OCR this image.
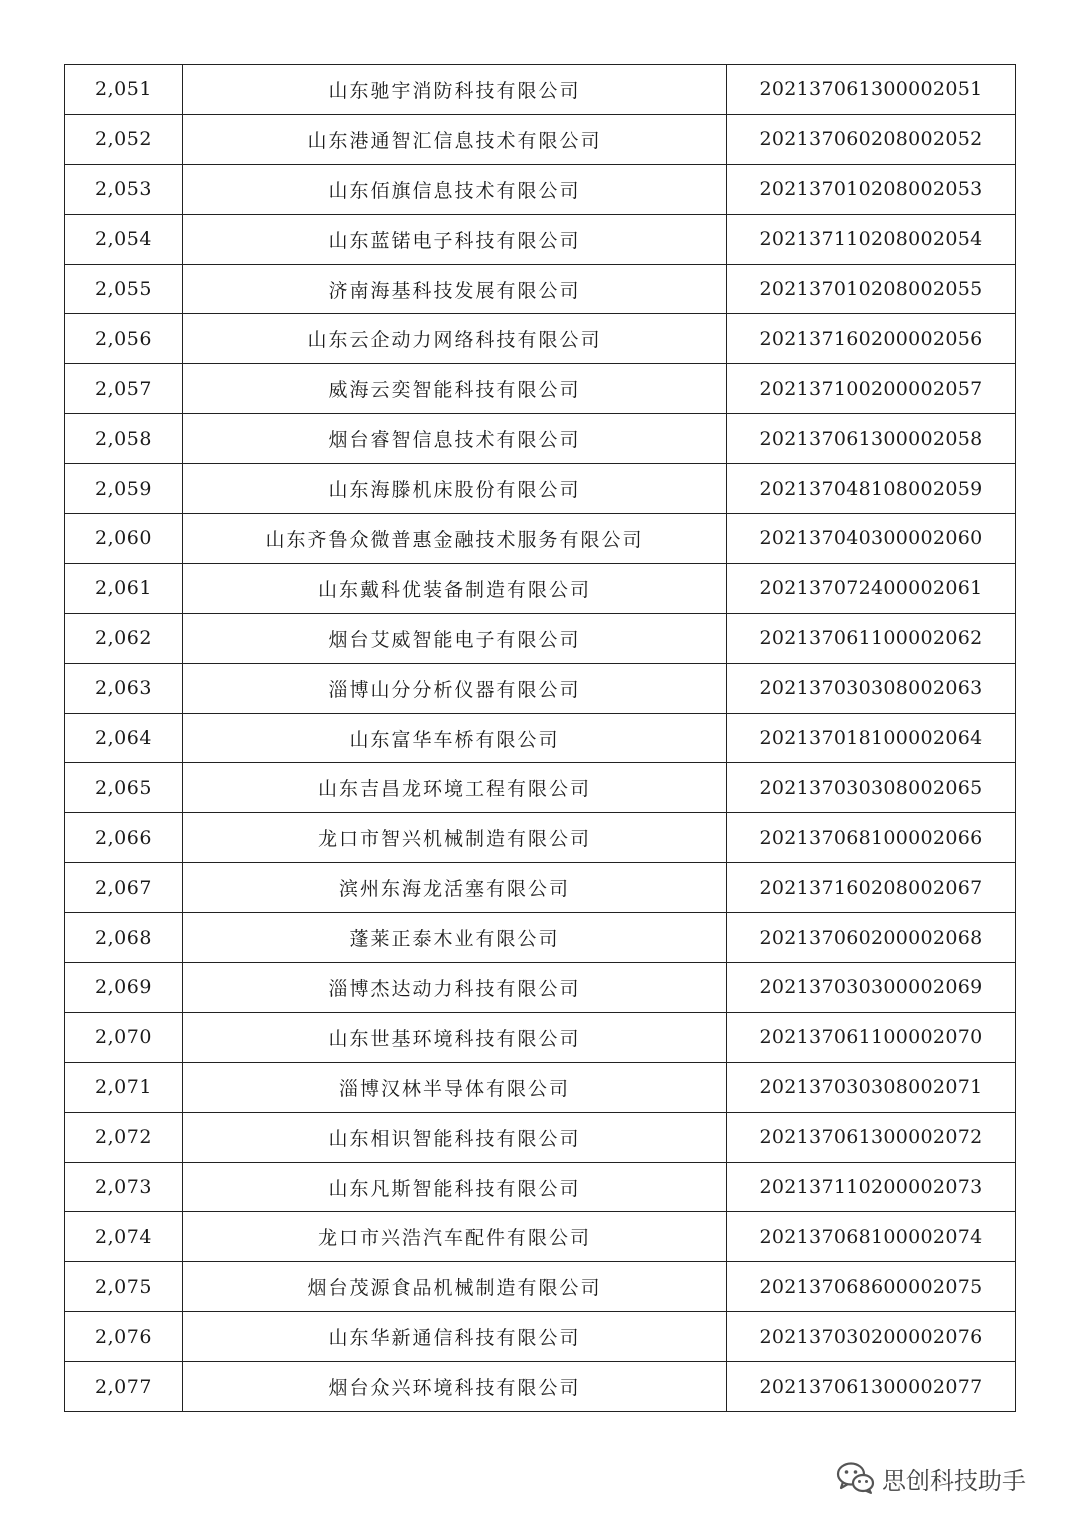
2,051	山东驰宇消防科技有限公司	202137061300002051
2,052	山东港通智汇信息技术有限公司	202137060208002052
2,053	山东佰旗信息技术有限公司	202137010208002053
2,054	山东蓝锘电子科技有限公司	202137110208002054
2,055	济南海基科技发展有限公司	202137010208002055
2,056	山东云企动力网络科技有限公司	202137160200002056
2,057	威海云奕智能科技有限公司	202137100200002057
2,058	烟台睿智信息技术有限公司	202137061300002058
2,059	山东海滕机床股份有限公司	202137048108002059
2,060	山东齐鲁众微普惠金融技术服务有限公司	202137040300002060
2,061	山东戴科优装备制造有限公司	202137072400002061
2,062	烟台艾威智能电子有限公司	202137061100002062
2,063	淄博山分分析仪器有限公司	202137030308002063
2,064	山东富华车桥有限公司	202137018100002064
2,065	山东吉昌龙环境工程有限公司	202137030308002065
2,066	龙口市智兴机械制造有限公司	202137068100002066
2,067	滨州东海龙活塞有限公司	202137160208002067
2,068	蓬莱正泰木业有限公司	202137060200002068
2,069	淄博杰达动力科技有限公司	202137030300002069
2,070	山东世基环境科技有限公司	202137061100002070
2,071	淄博汉林半导体有限公司	202137030308002071
2,072	山东相识智能科技有限公司	202137061300002072
2,073	山东凡斯智能科技有限公司	202137110200002073
2,074	龙口市兴浩汽车配件有限公司	202137068100002074
2,075	烟台茂源食品机械制造有限公司	202137068600002075
2,076	山东华新通信科技有限公司	202137030200002076
2,077	烟台众兴环境科技有限公司	202137061300002077
思创科技助手
